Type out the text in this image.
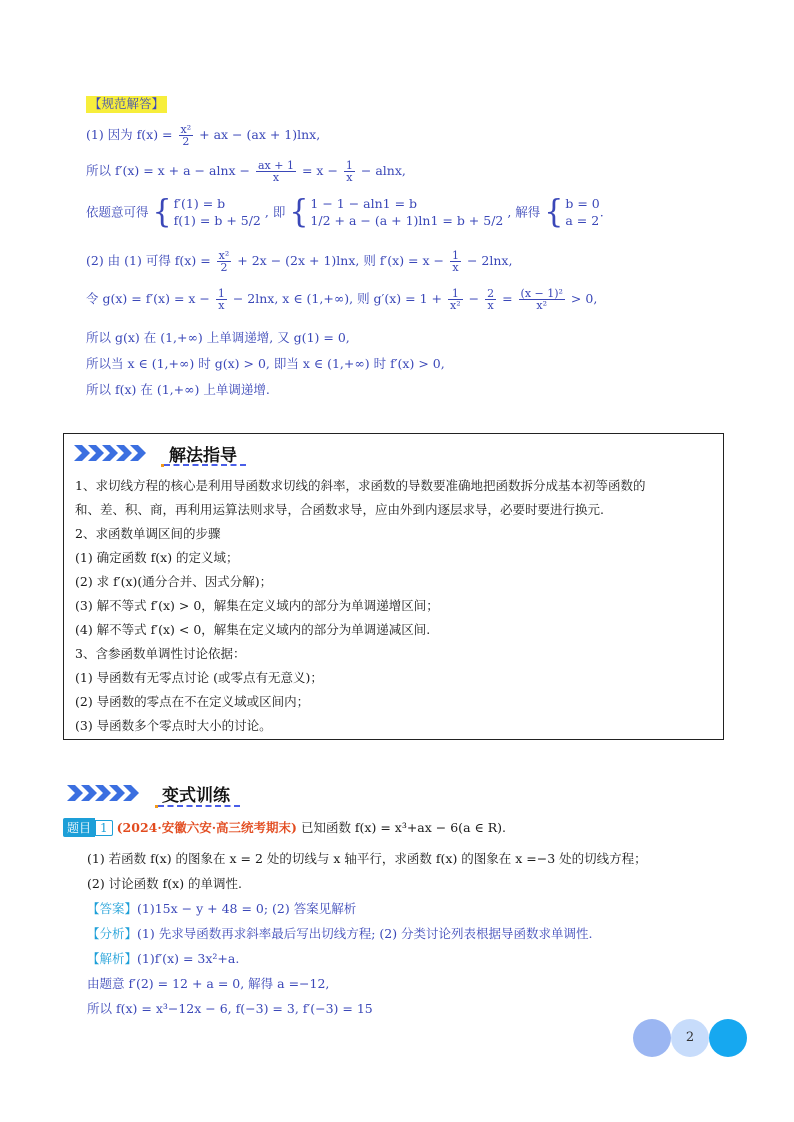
【规范解答】
(1) 因为 $f(x) = \frac{\text{x²}}{2}$ + ax − (ax + 1)lnx,
所以 $f'(x) = x + a - alnx - \frac{ax + 1}{x} = x - \frac{1}{x} - alnx$,
依题意可得 { f′(1) = b
f(1) = b + 5/2 , 即 { 1 − 1 − aln1 = b
1/2 + a − (a + 1)ln1 = b + 5/2 , 解得 { b = 0
a = 2.
(2) 由 (1) 可得 $f(x) = \frac{\text{x²}}{2} + 2x - (2x + 1)\ln x$, 则 $f'(x) = x - \frac{1}{x} - 2\ln x$,
令 $g(x) = f'(x) = x - \frac{1}{x} - 2\ln x$, x ∈ (1,+∞), 则 $g'(x) = 1 + \frac{1}{\text{x²}} - \frac{2}{x} = \frac{\text{(x − 1)²}}{\text{x²}} > 0$,
所以 g(x) 在 (1,+∞) 上单调递增, 又 g(1) = 0,
所以当 x ∈ (1,+∞) 时 g(x) > 0, 即当 x ∈ (1,+∞) 时 f′(x) > 0,
所以 f(x) 在 (1,+∞) 上单调递增.
解法指导
1、求切线方程的核心是利用导函数求切线的斜率，求函数的导数要准确地把函数拆分成基本初等函数的
和、差、积、商，再利用运算法则求导，合函数求导，应由外到内逐层求导，必要时要进行换元.
2、求函数单调区间的步骤
(1) 确定函数 f(x) 的定义域；
(2) 求 f′(x)(通分合并、因式分解)；
(3) 解不等式 f′(x) > 0，解集在定义域内的部分为单调递增区间；
(4) 解不等式 f′(x) < 0，解集在定义域内的部分为单调递减区间.
3、含参函数单调性讨论依据：
(1) 导函数有无零点讨论 (或零点有无意义)；
(2) 导函数的零点在不在定义域或区间内；
(3) 导函数多个零点时大小的讨论。
变式训练
题目 1 (2024·安徽六安·高三统考期末) 已知函数 f(x) = x³+ax − 6(a ∈ R).
(1) 若函数 f(x) 的图象在 x = 2 处的切线与 x 轴平行，求函数 f(x) 的图象在 x =−3 处的切线方程；
(2) 讨论函数 f(x) 的单调性.
【答案】(1)15x − y + 48 = 0; (2) 答案见解析
【分析】(1) 先求导函数再求斜率最后写出切线方程; (2) 分类讨论列表根据导函数求单调性.
【解析】(1)f′(x) = 3x²+a.
由题意 f′(2) = 12 + a = 0, 解得 a =−12,
所以 f(x) = x³−12x − 6, f(−3) = 3, f′(−3) = 15
2
